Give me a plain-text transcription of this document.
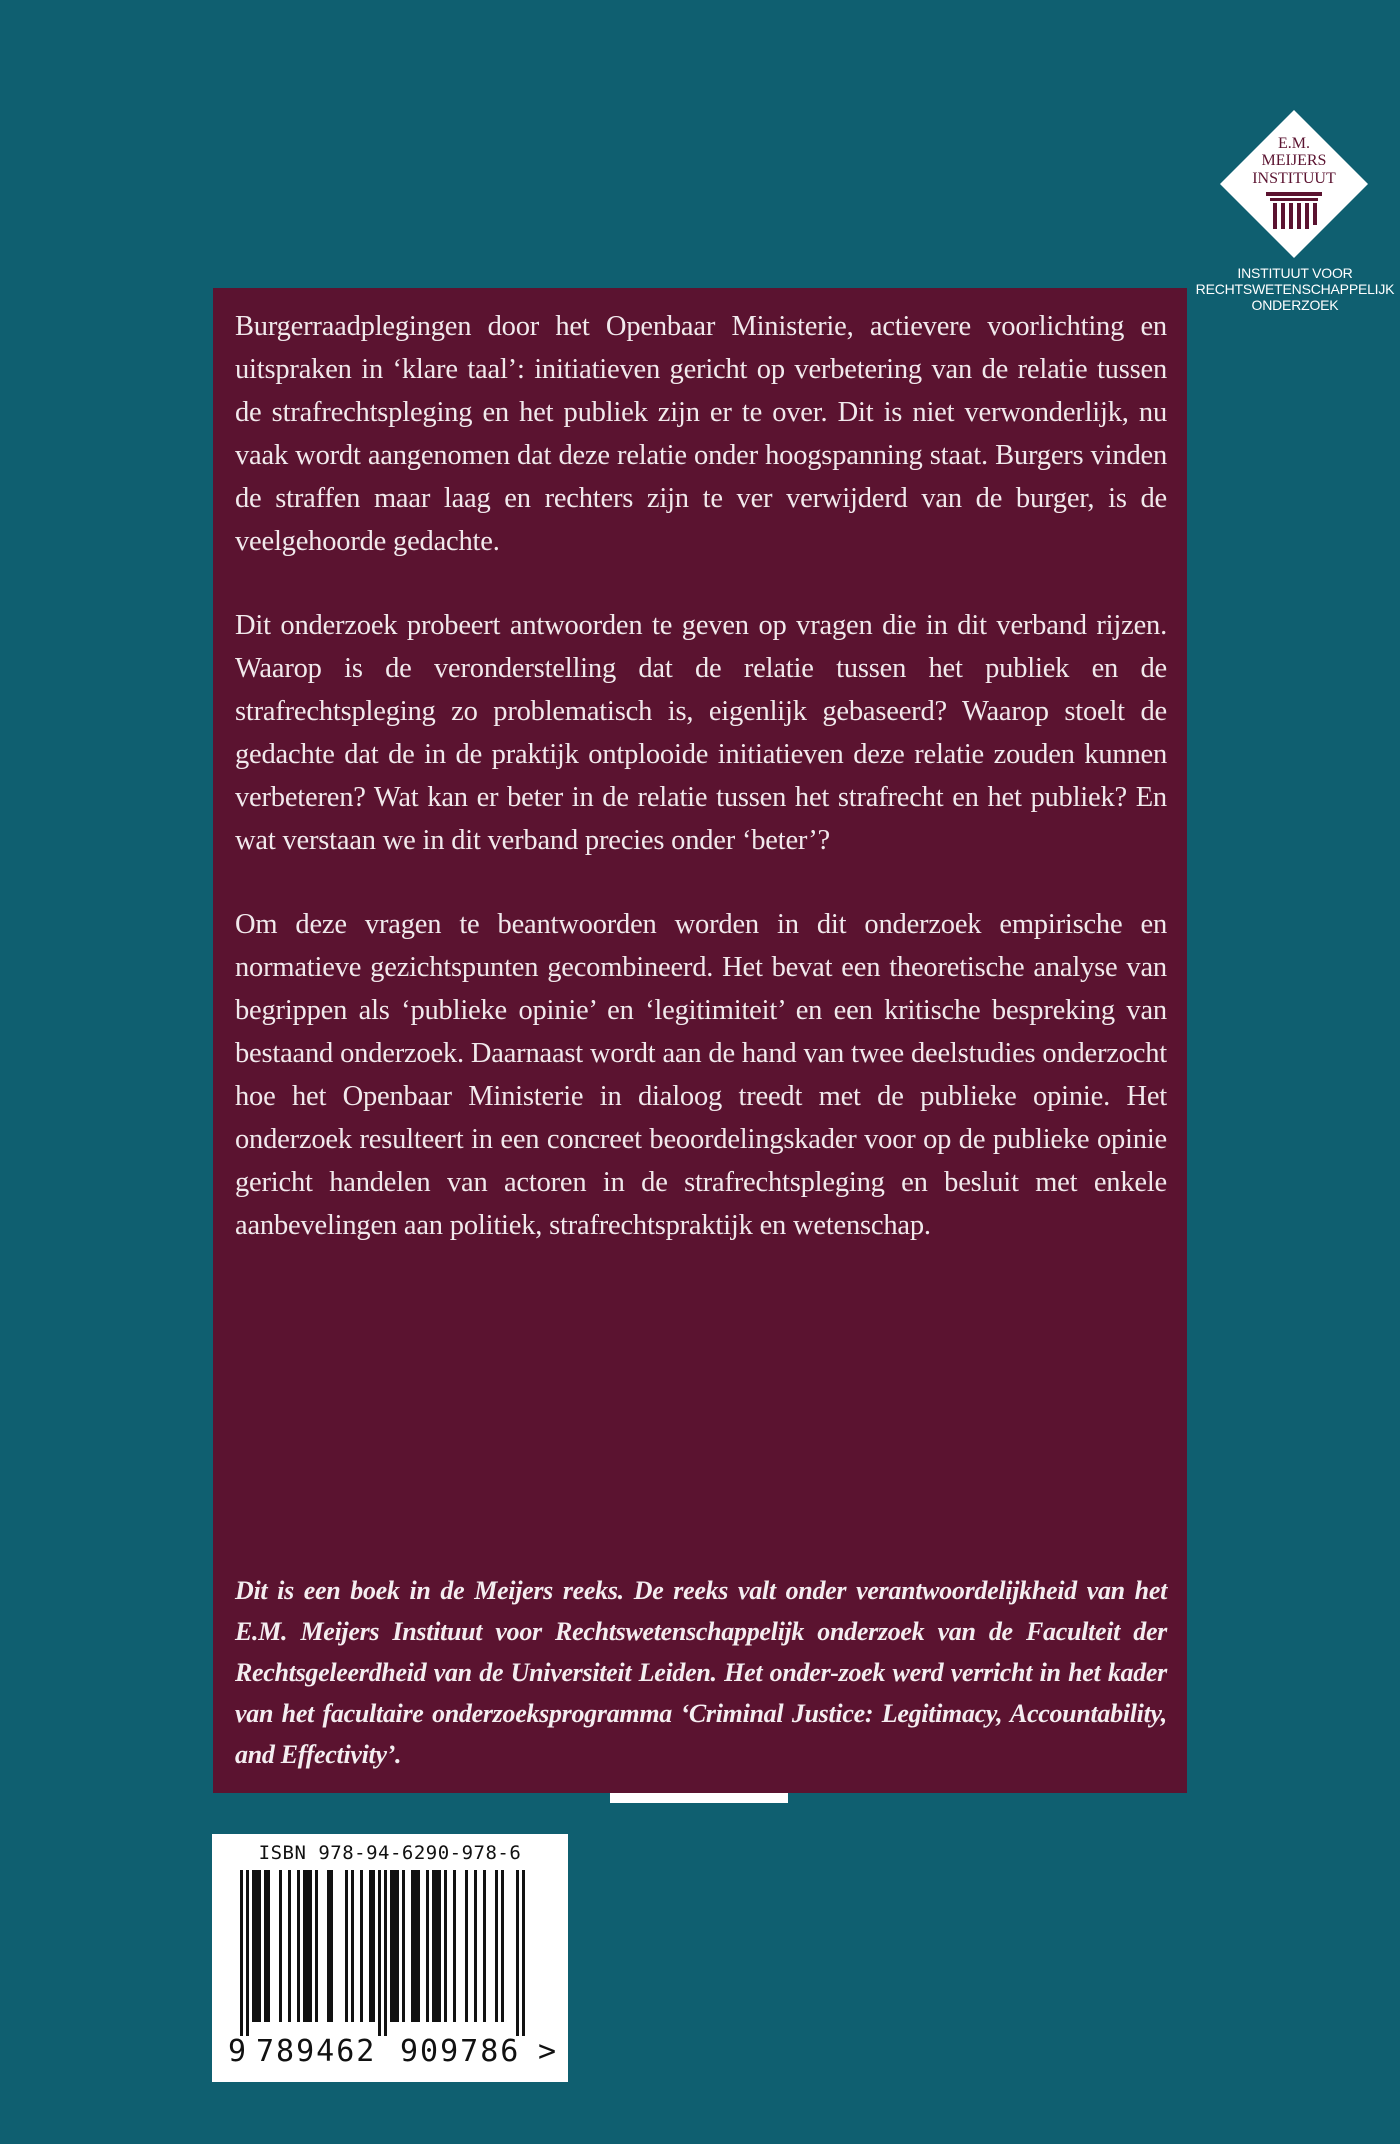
E.M.
MEIJERS
INSTITUUT
INSTITUUT VOOR
RECHTSWETENSCHAPPELIJK
ONDERZOEK

Burgerraadplegingen door het Openbaar Ministerie, actievere voorlichting en uitspraken in ‘klare taal’: initiatieven gericht op verbetering van de relatie tussen de strafrechtspleging en het publiek zijn er te over. Dit is niet verwonderlijk, nu vaak wordt aangenomen dat deze relatie onder hoogspanning staat. Burgers vinden de straffen maar laag en rechters zijn te ver verwijderd van de burger, is de veelgehoorde gedachte.

Dit onderzoek probeert antwoorden te geven op vragen die in dit verband rijzen. Waarop is de veronderstelling dat de relatie tussen het publiek en de strafrechtspleging zo problematisch is, eigenlijk gebaseerd? Waarop stoelt de gedachte dat de in de praktijk ontplooide initiatieven deze relatie zouden kunnen verbeteren? Wat kan er beter in de relatie tussen het strafrecht en het publiek? En wat verstaan we in dit verband precies onder ‘beter’?

Om deze vragen te beantwoorden worden in dit onderzoek empirische en normatieve gezichtspunten gecombineerd. Het bevat een theoretische analyse van begrippen als ‘publieke opinie’ en ‘legitimiteit’ en een kritische bespreking van bestaand onderzoek. Daarnaast wordt aan de hand van twee deelstudies onderzocht hoe het Openbaar Ministerie in dialoog treedt met de publieke opinie. Het onderzoek resulteert in een concreet beoordelingskader voor op de publieke opinie gericht handelen van actoren in de strafrechtspleging en besluit met enkele aanbevelingen aan politiek, strafrechtspraktijk en wetenschap.

Dit is een boek in de Meijers reeks. De reeks valt onder verantwoordelijkheid van het E.M. Meijers Instituut voor Rechtswetenschappelijk onderzoek van de Faculteit der Rechtsgeleerdheid van de Universiteit Leiden. Het onder-zoek werd verricht in het kader van het facultaire onderzoeksprogramma ‘Criminal Justice: Legitimacy, Accountability, and Effectivity’.

ISBN 978-94-6290-978-6
9 789462 909786 >
